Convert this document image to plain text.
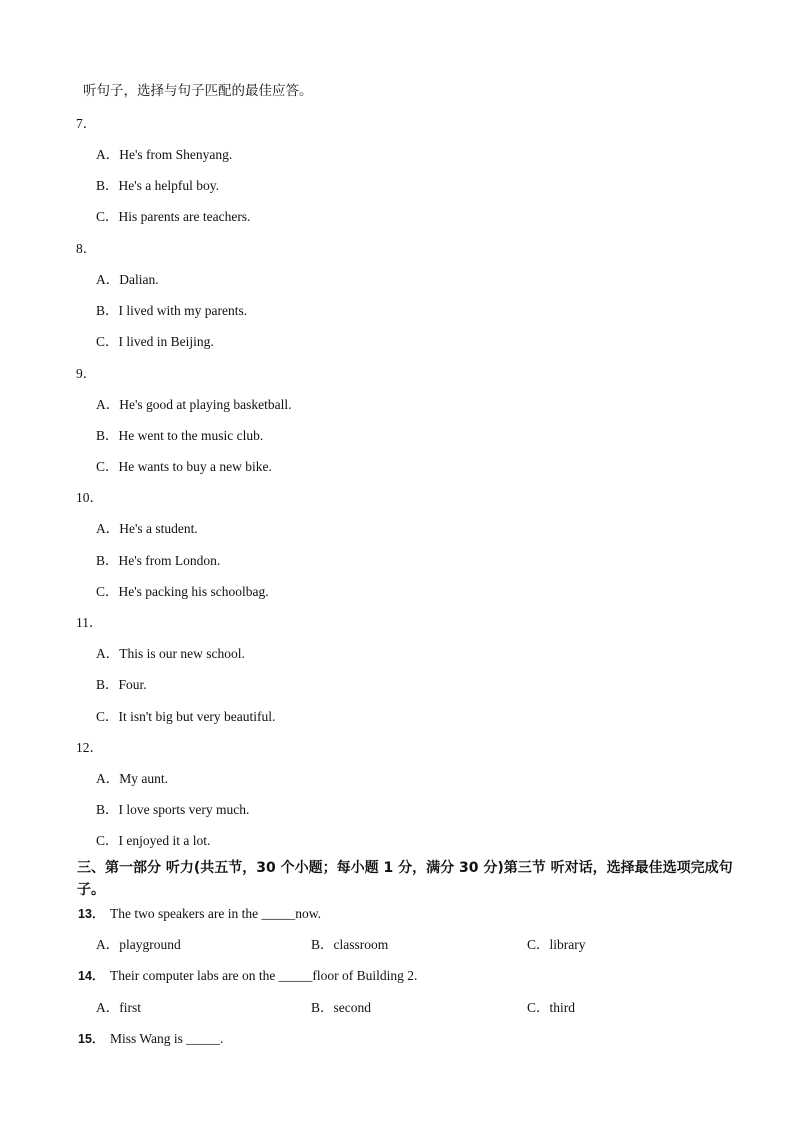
听句子，选择与句子匹配的最佳应答。
7．
A．He's from Shenyang.
B．He's a helpful boy.
C．His parents are teachers.
8．
A．Dalian.
B．I lived with my parents.
C．I lived in Beijing.
9．
A．He's good at playing basketball.
B．He went to the music club.
C．He wants to buy a new bike.
10．
A．He's a student.
B．He's from London.
C．He's packing his schoolbag.
11．
A．This is our new school.
B．Four.
C．It isn't big but very beautiful.
12．
A．My aunt.
B．I love sports very much.
C．I enjoyed it a lot.
三、第一部分 听力(共五节，30 个小题；每小题 1 分，满分 30 分)第三节 听对话，选择最佳选项完成句子。
13． The two speakers are in the _____now.
A．playground	B．classroom	C．library
14． Their computer labs are on the _____floor of Building 2.
A．first	B．second	C．third
15． Miss Wang is _____.
